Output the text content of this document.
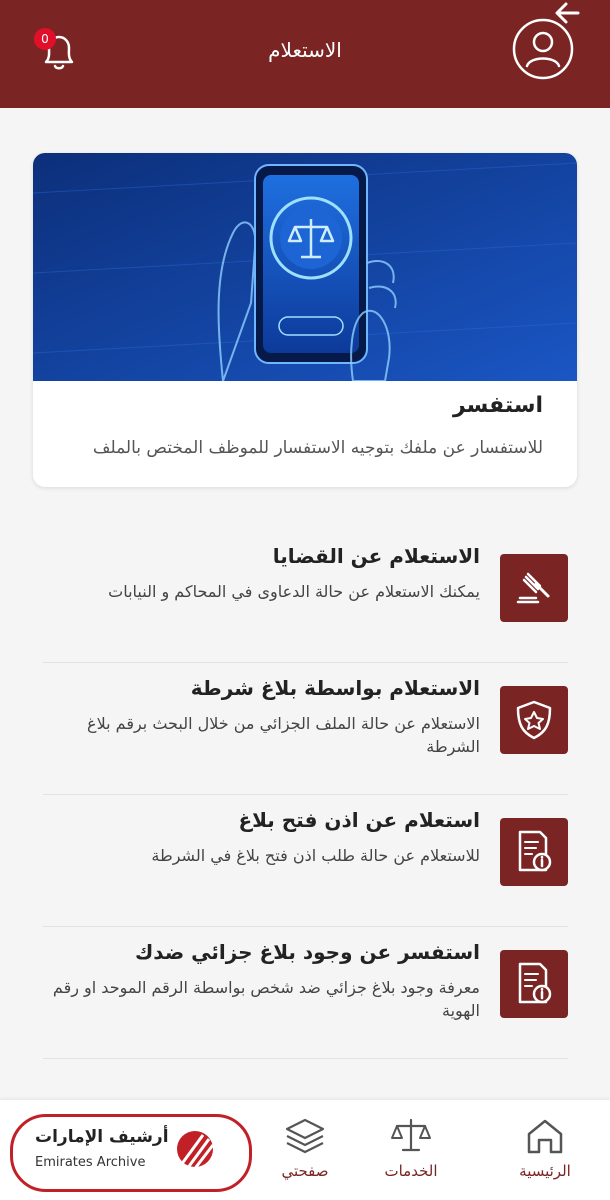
الاستعلام
0
استفسر
للاستفسار عن ملفك بتوجيه الاستفسار للموظف المختص بالملف
الاستعلام عن القضايا
يمكنك الاستعلام عن حالة الدعاوى في المحاكم و النيابات
الاستعلام بواسطة بلاغ شرطة
الاستعلام عن حالة الملف الجزائي من خلال البحث برقم بلاغ الشرطة
استعلام عن اذن فتح بلاغ
للاستعلام عن حالة طلب اذن فتح بلاغ في الشرطة
استفسر عن وجود بلاغ جزائي ضدك
معرفة وجود بلاغ جزائي ضد شخص بواسطة الرقم الموحد او رقم الهوية
الرئيسية
الخدمات
صفحتي
أرشيف الإمارات
Emirates Archive
